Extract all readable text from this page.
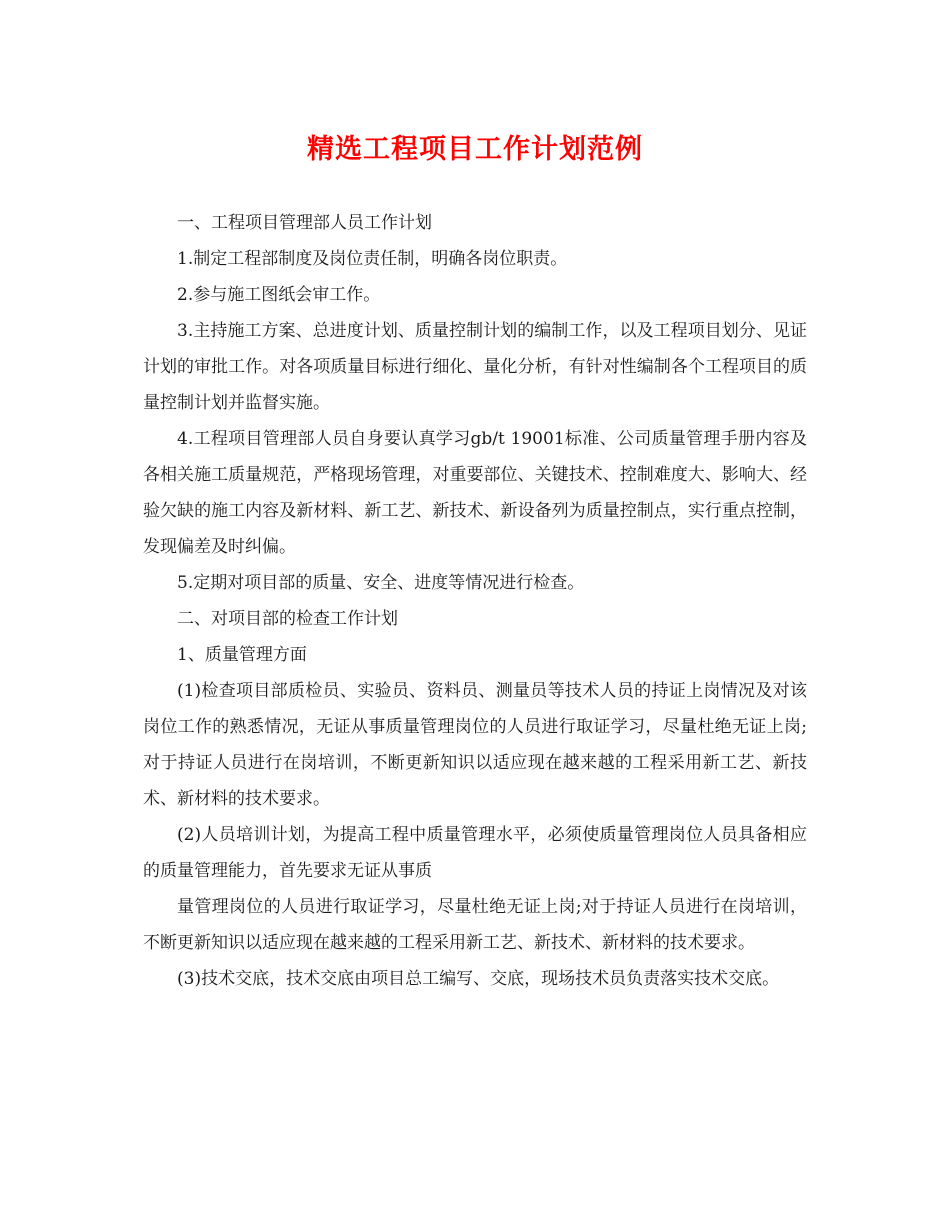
精选工程项目工作计划范例

一、工程项目管理部人员工作计划

1.制定工程部制度及岗位责任制，明确各岗位职责。

2.参与施工图纸会审工作。

3.主持施工方案、总进度计划、质量控制计划的编制工作，以及工程项目划分、见证计划的审批工作。对各项质量目标进行细化、量化分析，有针对性编制各个工程项目的质量控制计划并监督实施。

4.工程项目管理部人员自身要认真学习gb/t 19001标准、公司质量管理手册内容及各相关施工质量规范，严格现场管理，对重要部位、关键技术、控制难度大、影响大、经验欠缺的施工内容及新材料、新工艺、新技术、新设备列为质量控制点，实行重点控制，发现偏差及时纠偏。

5.定期对项目部的质量、安全、进度等情况进行检查。

二、对项目部的检查工作计划

1、质量管理方面

(1)检查项目部质检员、实验员、资料员、测量员等技术人员的持证上岗情况及对该岗位工作的熟悉情况，无证从事质量管理岗位的人员进行取证学习，尽量杜绝无证上岗;对于持证人员进行在岗培训，不断更新知识以适应现在越来越的工程采用新工艺、新技术、新材料的技术要求。

(2)人员培训计划，为提高工程中质量管理水平，必须使质量管理岗位人员具备相应的质量管理能力，首先要求无证从事质

量管理岗位的人员进行取证学习，尽量杜绝无证上岗;对于持证人员进行在岗培训，不断更新知识以适应现在越来越的工程采用新工艺、新技术、新材料的技术要求。

(3)技术交底，技术交底由项目总工编写、交底，现场技术员负责落实技术交底。
